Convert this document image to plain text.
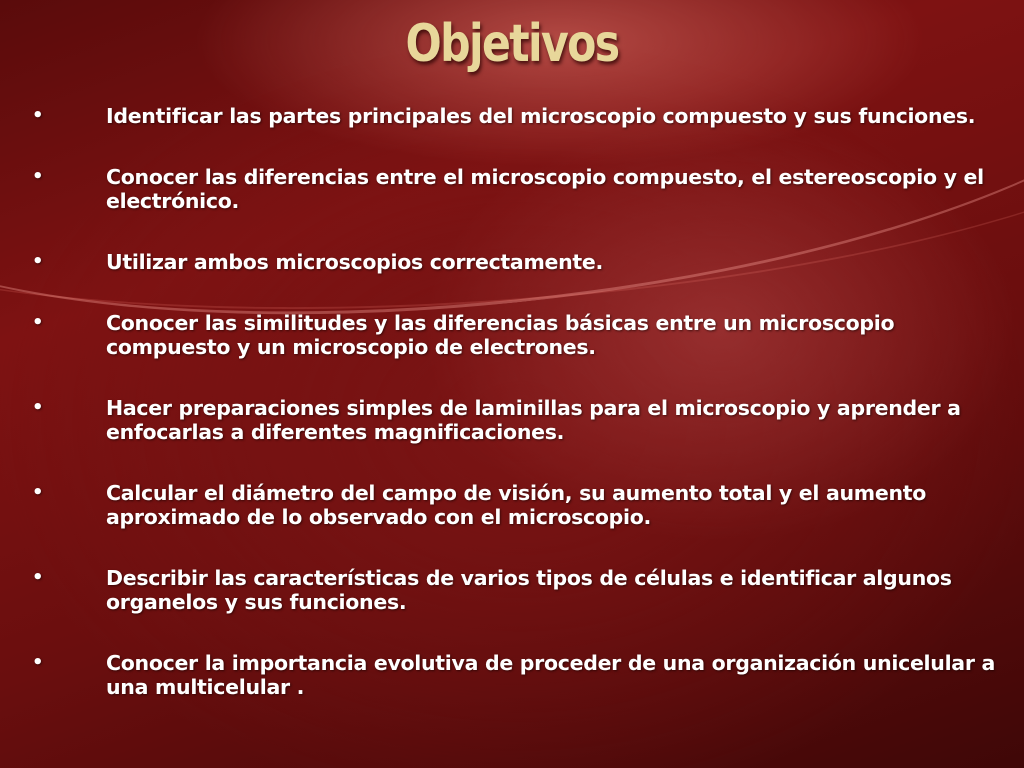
Objetivos
•	Identificar las partes principales del microscopio compuesto y sus funciones.
•	Conocer las diferencias entre el microscopio compuesto, el estereoscopio y el electrónico.
•	Utilizar ambos microscopios correctamente.
•	Conocer las similitudes y las diferencias básicas entre un microscopio compuesto y un microscopio de electrones.
•	Hacer preparaciones simples de laminillas para el microscopio y aprender a enfocarlas a diferentes magnificaciones.
•	Calcular el diámetro del campo de visión, su aumento total y el aumento aproximado de lo observado con el microscopio.
•	Describir las características de varios tipos de células e identificar algunos organelos y sus funciones.
•	Conocer la importancia evolutiva de proceder de una organización unicelular a una multicelular .
